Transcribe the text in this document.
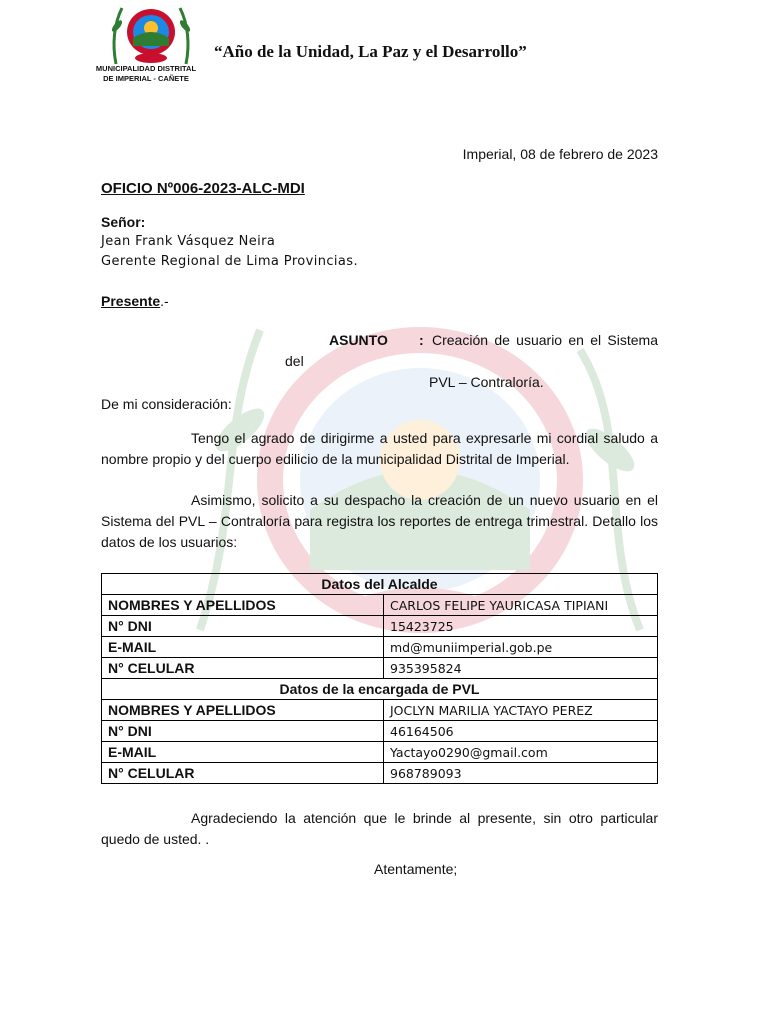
MUNICIPALIDAD DISTRITAL
DE IMPERIAL - CAÑETE
“Año de la Unidad, La Paz y el Desarrollo”
Imperial, 08 de febrero de 2023
OFICIO Nº006-2023-ALC-MDI
Señor:
Jean Frank Vásquez Neira
Gerente Regional de Lima Provincias.
Presente.-
ASUNTO : Creación de usuario en el Sistema
del
PVL – Contraloría.
De mi consideración:
Tengo el agrado de dirigirme a usted para expresarle mi cordial saludo a nombre propio y del cuerpo edilicio de la municipalidad Distrital de Imperial.
Asimismo, solicito a su despacho la creación de un nuevo usuario en el Sistema del PVL – Contraloría para registra los reportes de entrega trimestral. Detallo los datos de los usuarios:
Datos del Alcalde	
NOMBRES Y APELLIDOS	CARLOS FELIPE YAURICASA TIPIANI
N° DNI	15423725
E-MAIL	md@muniimperial.gob.pe
N° CELULAR	935395824
Datos de la encargada de PVL	
NOMBRES Y APELLIDOS	JOCLYN MARILIA YACTAYO PEREZ
N° DNI	46164506
E-MAIL	Yactayo0290@gmail.com
N° CELULAR	968789093
Agradeciendo la atención que le brinde al presente, sin otro particular quedo de usted. .
Atentamente;
